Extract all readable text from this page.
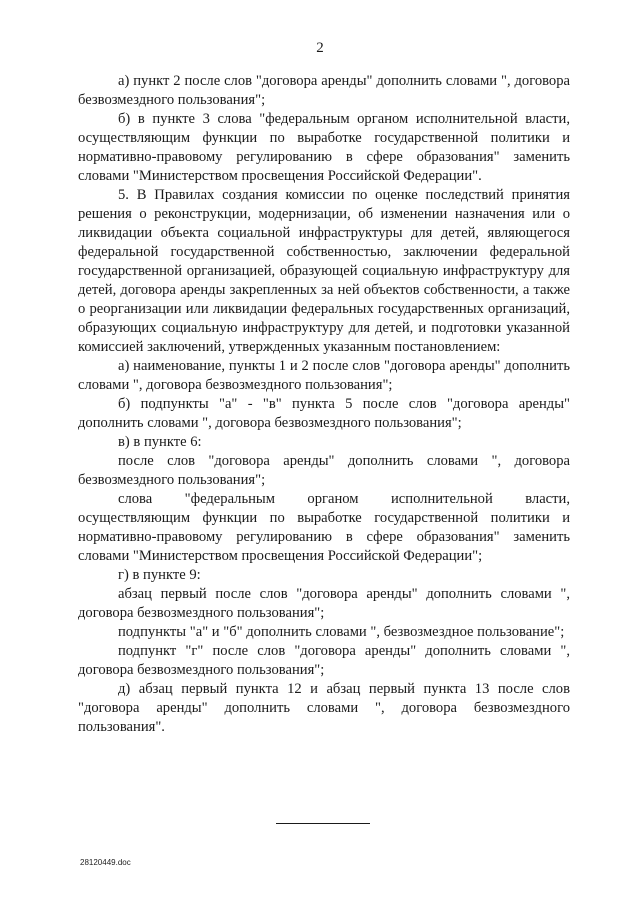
2

а) пункт 2 после слов "договора аренды" дополнить словами ", договора безвозмездного пользования";

б) в пункте 3 слова "федеральным органом исполнительной власти, осуществляющим функции по выработке государственной политики и нормативно-правовому регулированию в сфере образования" заменить словами "Министерством просвещения Российской Федерации".

5. В Правилах создания комиссии по оценке последствий принятия решения о реконструкции, модернизации, об изменении назначения или о ликвидации объекта социальной инфраструктуры для детей, являющегося федеральной государственной собственностью, заключении федеральной государственной организацией, образующей социальную инфраструктуру для детей, договора аренды закрепленных за ней объектов собственности, а также о реорганизации или ликвидации федеральных государственных организаций, образующих социальную инфраструктуру для детей, и подготовки указанной комиссией заключений, утвержденных указанным постановлением:

а) наименование, пункты 1 и 2 после слов "договора аренды" дополнить словами ", договора безвозмездного пользования";

б) подпункты "а" - "в" пункта 5 после слов "договора аренды" дополнить словами ", договора безвозмездного пользования";

в) в пункте 6:

после слов "договора аренды" дополнить словами ", договора безвозмездного пользования";

слова "федеральным органом исполнительной власти, осуществляющим функции по выработке государственной политики и нормативно-правовому регулированию в сфере образования" заменить словами "Министерством просвещения Российской Федерации";

г) в пункте 9:

абзац первый после слов "договора аренды" дополнить словами ", договора безвозмездного пользования";

подпункты "а" и "б" дополнить словами ", безвозмездное пользование";

подпункт "г" после слов "договора аренды" дополнить словами ", договора безвозмездного пользования";

д) абзац первый пункта 12 и абзац первый пункта 13 после слов "договора аренды" дополнить словами ", договора безвозмездного пользования".

28120449.doc
